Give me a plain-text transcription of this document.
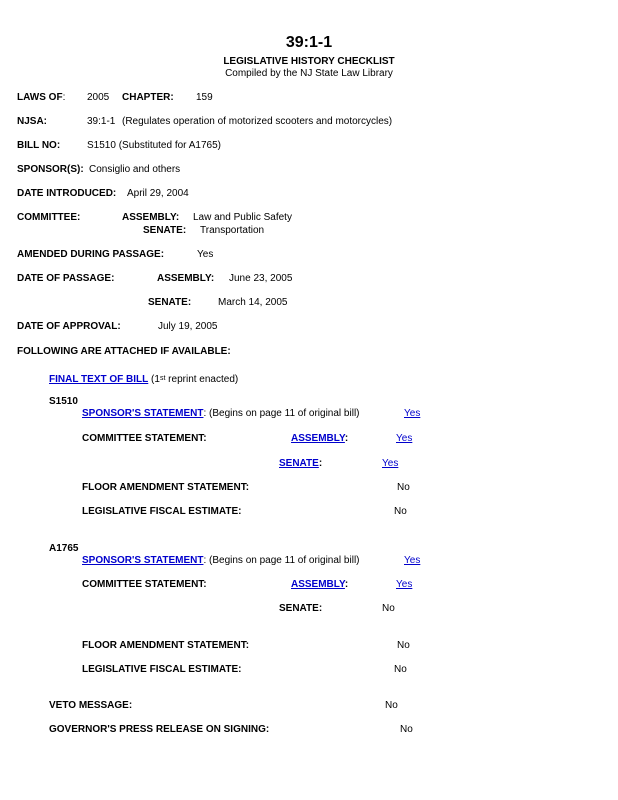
39:1-1
LEGISLATIVE HISTORY CHECKLIST
Compiled by the NJ State Law Library
LAWS OF: 2005 CHAPTER: 159
NJSA:	39:1-1 (Regulates operation of motorized scooters and motorcycles)
BILL NO:	S1510 (Substituted for A1765)
SPONSOR(S): Consiglio and others
DATE INTRODUCED: April 29, 2004
COMMITTEE:	ASSEMBLY: Law and Public Safety
SENATE: Transportation
AMENDED DURING PASSAGE:	Yes
DATE OF PASSAGE:	ASSEMBLY: June 23, 2005
SENATE:	March 14, 2005
DATE OF APPROVAL:	July 19, 2005
FOLLOWING ARE ATTACHED IF AVAILABLE:
FINAL TEXT OF BILL (1st reprint enacted)
S1510
SPONSOR'S STATEMENT: (Begins on page 11 of original bill)	Yes
COMMITTEE STATEMENT:	ASSEMBLY:	Yes
SENATE:	Yes
FLOOR AMENDMENT STATEMENT:	No
LEGISLATIVE FISCAL ESTIMATE:	No
A1765
SPONSOR'S STATEMENT: (Begins on page 11 of original bill)	Yes
COMMITTEE STATEMENT:	ASSEMBLY:	Yes
SENATE:	No
FLOOR AMENDMENT STATEMENT:	No
LEGISLATIVE FISCAL ESTIMATE:	No
VETO MESSAGE:	No
GOVERNOR'S PRESS RELEASE ON SIGNING:	No
